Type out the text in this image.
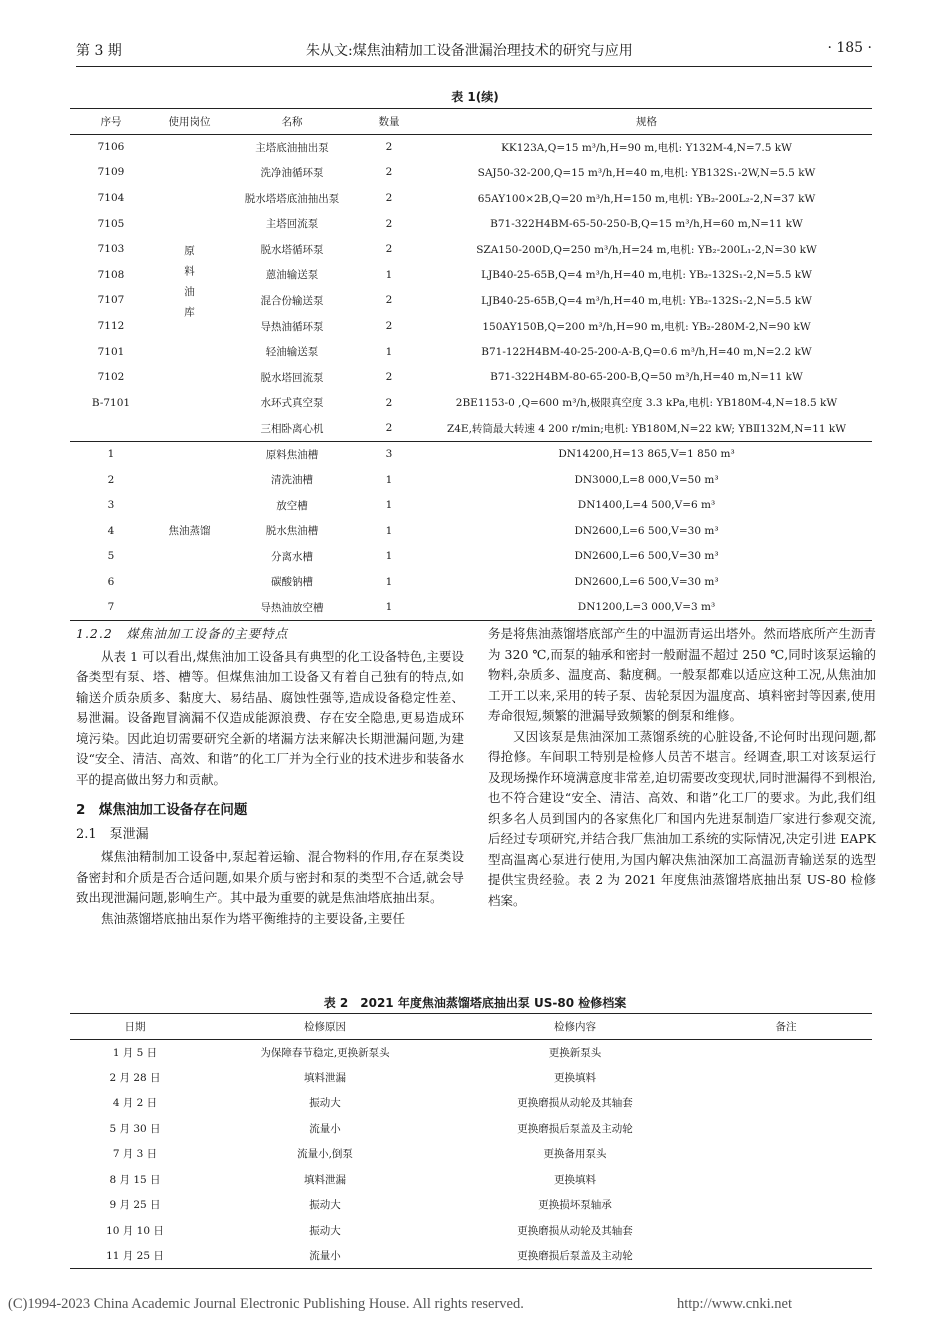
第 3 期	朱从文:煤焦油精加工设备泄漏治理技术的研究与应用	· 185 ·
表 1(续)
序号	使用岗位	名称	数量	规格
7106	原料油库	主塔底油抽出泵	2	KK123A,Q=15 m³/h,H=90 m,电机: Y132M-4,N=7.5 kW
7109		洗净油循环泵	2	SAJ50-32-200,Q=15 m³/h,H=40 m,电机: YB132S₁-2W,N=5.5 kW
7104		脱水塔塔底油抽出泵	2	65AY100×2B,Q=20 m³/h,H=150 m,电机: YB₂-200L₂-2,N=37 kW
7105		主塔回流泵	2	B71-322H4BM-65-50-250-B,Q=15 m³/h,H=60 m,N=11 kW
7103		脱水塔循环泵	2	SZA150-200D,Q=250 m³/h,H=24 m,电机: YB₂-200L₁-2,N=30 kW
7108		蒽油输送泵	1	LJB40-25-65B,Q=4 m³/h,H=40 m,电机: YB₂-132S₁-2,N=5.5 kW
7107		混合份输送泵	2	LJB40-25-65B,Q=4 m³/h,H=40 m,电机: YB₂-132S₁-2,N=5.5 kW
7112		导热油循环泵	2	150AY150B,Q=200 m³/h,H=90 m,电机: YB₂-280M-2,N=90 kW
7101		轻油输送泵	1	B71-122H4BM-40-25-200-A-B,Q=0.6 m³/h,H=40 m,N=2.2 kW
7102		脱水塔回流泵	2	B71-322H4BM-80-65-200-B,Q=50 m³/h,H=40 m,N=11 kW
B-7101		水环式真空泵	2	2BE1153-0 ,Q=600 m³/h,极限真空度 3.3 kPa,电机: YB180M-4,N=18.5 kW
		三相卧离心机	2	Z4E,转筒最大转速 4 200 r/min;电机: YB180M,N=22 kW; YBⅡ132M,N=11 kW
1	焦油蒸馏	原料焦油槽	3	DN14200,H=13 865,V=1 850 m³
2		清洗油槽	1	DN3000,L=8 000,V=50 m³
3		放空槽	1	DN1400,L=4 500,V=6 m³
4		脱水焦油槽	1	DN2600,L=6 500,V=30 m³
5		分离水槽	1	DN2600,L=6 500,V=30 m³
6		碳酸钠槽	1	DN2600,L=6 500,V=30 m³
7		导热油放空槽	1	DN1200,L=3 000,V=3 m³
1.2.2　煤焦油加工设备的主要特点

从表 1 可以看出,煤焦油加工设备具有典型的化工设备特色,主要设备类型有泵、塔、槽等。但煤焦油加工设备又有着自己独有的特点,如输送介质杂质多、黏度大、易结晶、腐蚀性强等,造成设备稳定性差、易泄漏。设备跑冒滴漏不仅造成能源浪费、存在安全隐患,更易造成环境污染。因此迫切需要研究全新的堵漏方法来解决长期泄漏问题,为建设“安全、清洁、高效、和谐”的化工厂并为全行业的技术进步和装备水平的提高做出努力和贡献。

2　煤焦油加工设备存在问题
2.1　泵泄漏

煤焦油精制加工设备中,泵起着运输、混合物料的作用,存在泵类设备密封和介质是否合适问题,如果介质与密封和泵的类型不合适,就会导致出现泄漏问题,影响生产。其中最为重要的就是焦油塔底抽出泵。

焦油蒸馏塔底抽出泵作为塔平衡维持的主要设备,主要任

务是将焦油蒸馏塔底部产生的中温沥青运出塔外。然而塔底所产生沥青为 320 ℃,而泵的轴承和密封一般耐温不超过 250 ℃,同时该泵运输的物料,杂质多、温度高、黏度稠。一般泵都难以适应这种工况,从焦油加工开工以来,采用的转子泵、齿轮泵因为温度高、填料密封等因素,使用寿命很短,频繁的泄漏导致频繁的倒泵和维修。

又因该泵是焦油深加工蒸馏系统的心脏设备,不论何时出现问题,都得抢修。车间职工特别是检修人员苦不堪言。经调查,职工对该泵运行及现场操作环境满意度非常差,迫切需要改变现状,同时泄漏得不到根治,也不符合建设“安全、清洁、高效、和谐”化工厂的要求。为此,我们组织多名人员到国内的各家焦化厂和国内先进泵制造厂家进行参观交流,后经过专项研究,并结合我厂焦油加工系统的实际情况,决定引进 EAPK 型高温离心泵进行使用,为国内解决焦油深加工高温沥青输送泵的选型提供宝贵经验。表 2 为 2021 年度焦油蒸馏塔底抽出泵 US-80 检修档案。

表 2　2021 年度焦油蒸馏塔底抽出泵 US-80 检修档案
日期	检修原因	检修内容	备注
1 月 5 日	为保障春节稳定,更换新泵头	更换新泵头	
2 月 28 日	填料泄漏	更换填料	
4 月 2 日	振动大	更换磨损从动轮及其轴套	
5 月 30 日	流量小	更换磨损后泵盖及主动轮	
7 月 3 日	流量小,倒泵	更换备用泵头	
8 月 15 日	填料泄漏	更换填料	
9 月 25 日	振动大	更换损坏泵轴承	
10 月 10 日	振动大	更换磨损从动轮及其轴套	
11 月 25 日	流量小	更换磨损后泵盖及主动轮	
(C)1994-2023 China Academic Journal Electronic Publishing House. All rights reserved.	http://www.cnki.net
